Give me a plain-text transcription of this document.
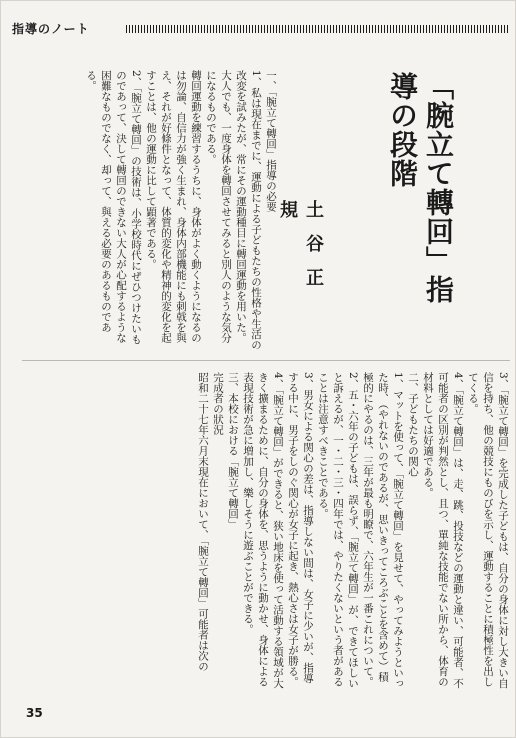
指導のノート
「腕立て轉回」指導の段階
土谷正規

一、「腕立て轉回」指導の必要

1、私は現在までに、運動による子どもたちの性格や生活の改変を試みたが、常にその運動種目に轉回運動を用いた。

大人でも、一度身体を轉回させてみると別人のような気分になるものである。

轉回運動を練習するうちに、身体がよく動くようになるのは勿論、自信力が強く生まれ、身体内部機能にも刺戟を與え、それが好條件となって、体質的変化や精神的変化を起すことは、他の運動に比して顕著である。

2、「腕立て轉回」の技術は、小学校時代にぜひつけたいものであって、決して轉回のできない大人が心配するような困難なものでなく、却って、與える必要のあるものである。

3、「腕立て轉回」を完成した子どもは、自分の身体に対し大きい自信を持ち、他の競技にものびを示し、運動することに積極性を出してくる。

4、「腕立て轉回」は、走、跳、投技などの運動と違い、可能者、不可能者の区別が判然とし、且つ、單純な技能でない所から、体育の材料としては好適である。

二、子どもたちの関心

1、マットを使って、「腕立て轉回」を見せて、やってみようといった時、（やれないのであるが、思いきってころぶことを含めて）積極的にやるのは、三年が最も明瞭で、六年生が一番これについて。

2、五・六年の子どもは、誤らず、「腕立て轉回」が、できてほしいと訴えるが、一・二・三・四年では、やりたくないという者があることは注意すべきことである。

3、男女による関心の差は、指導しない間は、女子に少いが、指導する中に、男子をしのぐ関心が女子に起き、熱心さは女子が勝る。

4、「腕立て轉回」ができると、狭い地床を使って活動する領域が大きく擴まるために、自分の身体を、思うように動かせ、身体による表現技術が急に増加し、樂しそうに遊ぶことができる。

三、本校における「腕立て轉回」

完成者の狀況

昭和二十七年六月末現在において、「腕立て轉回」可能者は次の

35
